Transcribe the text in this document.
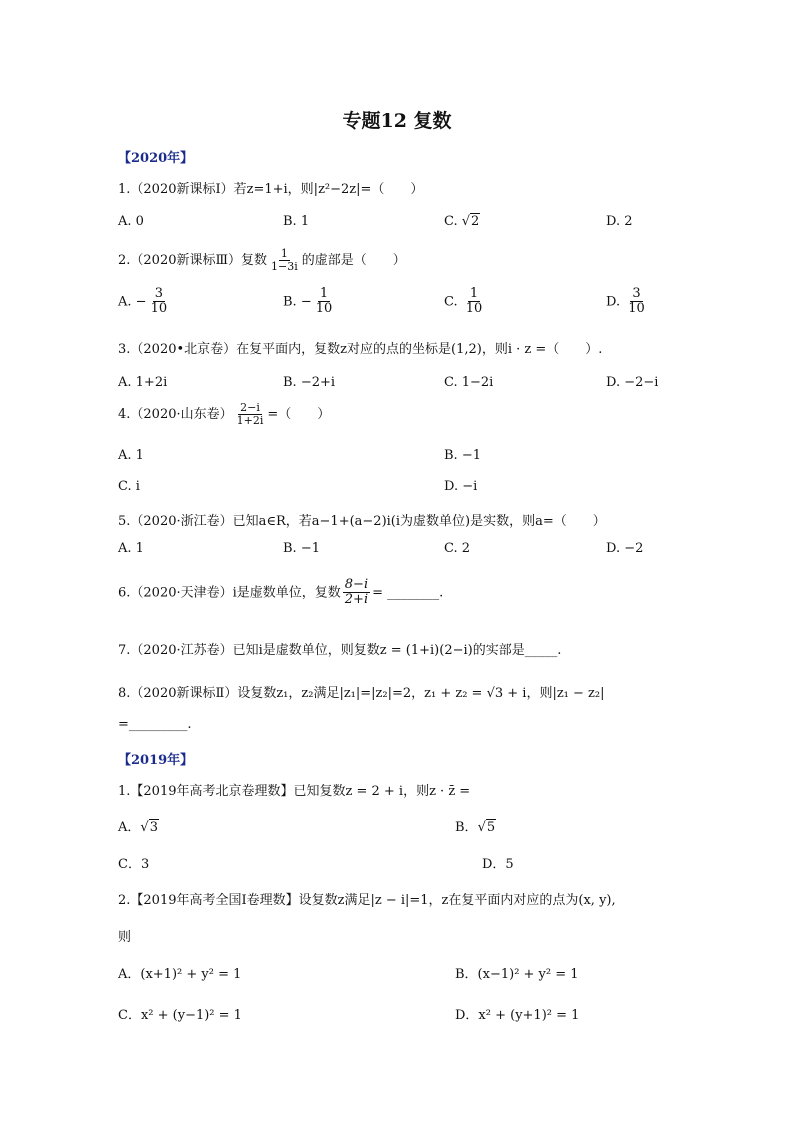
专题12 复数
【2020年】
1.（2020新课标Ⅰ）若z=1+i，则|z²−2z|=（　　）
A. 0	B. 1	C. √2	D. 2
2.（2020新课标Ⅲ）复数 $\frac{1}{1-3i}$ 的虚部是（　　）
A. − $\frac{3}{10}$	B. − $\frac{1}{10}$	C. $\frac{1}{10}$	D. $\frac{3}{10}$
3.（2020•北京卷）在复平面内，复数z对应的点的坐标是(1,2)，则i · z =（　　）.
A. 1+2i	B. −2+i	C. 1−2i	D. −2−i
4.（2020·山东卷） $\frac{2-i}{1+2i}$ =（　　）
A. 1	B. −1
C. i	D. −i
5.（2020·浙江卷）已知a∈R，若a−1+(a−2)i(i为虚数单位)是实数，则a=（　　）
A. 1	B. −1	C. 2	D. −2
6.（2020·天津卷）i是虚数单位，复数 $\frac{8-i}{2+i}$ = ________.
7.（2020·江苏卷）已知i是虚数单位，则复数z = (1+i)(2−i)的实部是_____.
8.（2020新课标Ⅱ）设复数z₁，z₂满足|z₁|=|z₂|=2，z₁ + z₂ = √3 + i，则|z₁ − z₂|
=_________.
【2019年】
1.【2019年高考北京卷理数】已知复数z = 2 + i，则z · z̄ =
A．√3	B．√5
C．3	D．5
2.【2019年高考全国Ⅰ卷理数】设复数z满足|z − i|=1，z在复平面内对应的点为(x, y),
则
A．(x+1)² + y² = 1	B．(x−1)² + y² = 1
C．x² + (y−1)² = 1	D．x² + (y+1)² = 1
